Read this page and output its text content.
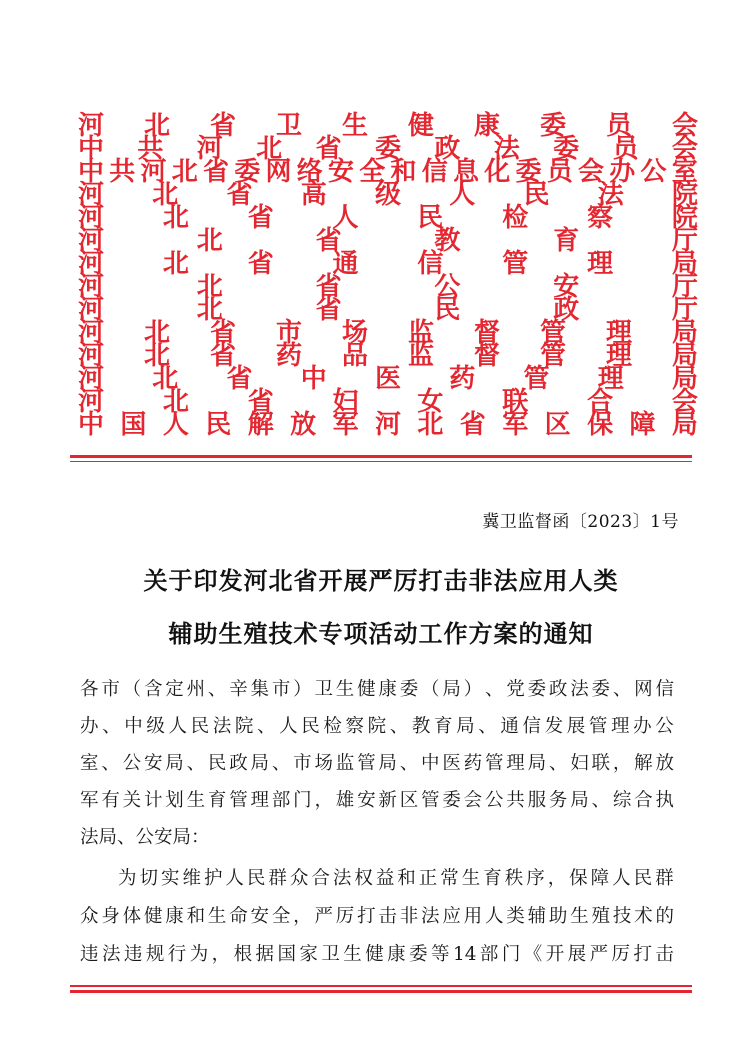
河 北 省 卫 生 健 康 委 员 会
中 共 河 北 省 委 政 法 委 员 会
中 共 河 北 省 委 网 络 安 全 和 信 息 化 委 员 会 办 公 室
河 北 省 高 级 人 民 法 院
河 北 省 人 民 检 察 院
河	北	省	教	育	厅
河 北 省 通 信 管 理 局
河	北	省	公	安	厅
河	北	省	民	政	厅
河 北 省 市 场 监 督 管 理 局
河 北 省 药 品 监 督 管 理 局
河 北 省 中 医 药 管 理 局
河 北 省 妇 女 联 合 会
中 国 人 民 解 放 军 河 北 省 军 区 保 障 局
冀卫监督函〔2023〕1号
关于印发河北省开展严厉打击非法应用人类
辅助生殖技术专项活动工作方案的通知
各 市 （ 含 定 州 、 辛 集 市 ） 卫 生 健 康 委 （ 局 ） 、 党 委 政 法 委 、 网 信
办 、 中 级 人 民 法 院 、 人 民 检 察 院 、 教 育 局 、 通 信 发 展 管 理 办 公
室 、 公 安 局 、 民 政 局 、 市 场 监 管 局 、 中 医 药 管 理 局 、 妇 联 ， 解 放
军 有 关 计 划 生 育 管 理 部 门 ， 雄 安 新 区 管 委 会 公 共 服 务 局 、 综 合 执
法局、公安局：
为 切 实 维 护 人 民 群 众 合 法 权 益 和 正 常 生 育 秩 序 ， 保 障 人 民 群
众 身 体 健 康 和 生 命 安 全 ， 严 厉 打 击 非 法 应 用 人 类 辅 助 生 殖 技 术 的
违 法 违 规 行 为 ， 根 据 国 家 卫 生 健 康 委 等 14 部 门 《 开 展 严 厉 打 击
